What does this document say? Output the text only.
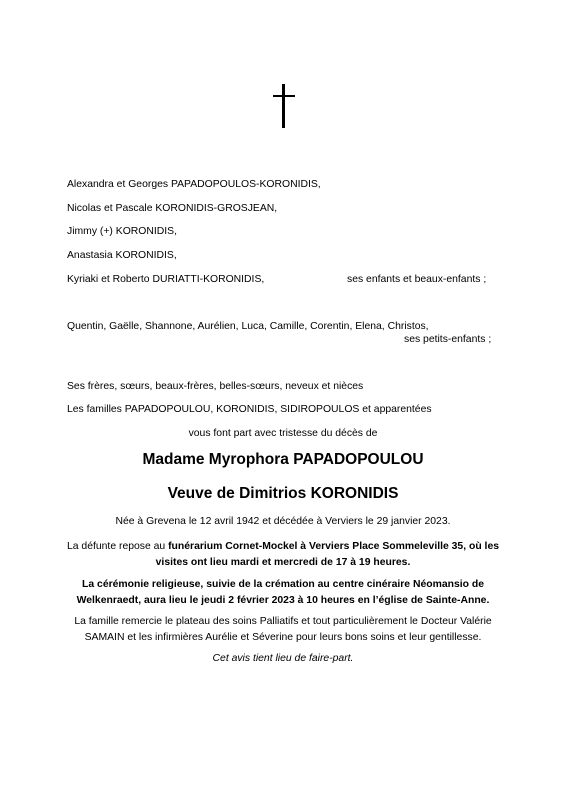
Alexandra et Georges PAPADOPOULOS-KORONIDIS,
Nicolas et Pascale KORONIDIS-GROSJEAN,
Jimmy (+) KORONIDIS,
Anastasia KORONIDIS,
Kyriaki et Roberto DURIATTI-KORONIDIS,	ses enfants et beaux-enfants ;
Quentin, Gaëlle, Shannone, Aurélien, Luca, Camille, Corentin, Elena, Christos,
ses petits-enfants ;
Ses frères, sœurs, beaux-frères, belles-sœurs, neveux et nièces
Les familles PAPADOPOULOU, KORONIDIS, SIDIROPOULOS et apparentées
vous font part avec tristesse du décès de
Madame Myrophora PAPADOPOULOU
Veuve de Dimitrios KORONIDIS
Née à Grevena le 12 avril 1942 et décédée à Verviers le 29 janvier 2023.
La défunte repose au funérarium Cornet-Mockel à Verviers Place Sommeleville 35, où les
visites ont lieu mardi et mercredi de 17 à 19 heures.
La cérémonie religieuse, suivie de la crémation au centre cinéraire Néomansio de
Welkenraedt, aura lieu le jeudi 2 février 2023 à 10 heures en l’église de Sainte-Anne.
La famille remercie le plateau des soins Palliatifs et tout particulièrement le Docteur Valérie
SAMAIN et les infirmières Aurélie et Séverine pour leurs bons soins et leur gentillesse.
Cet avis tient lieu de faire-part.
